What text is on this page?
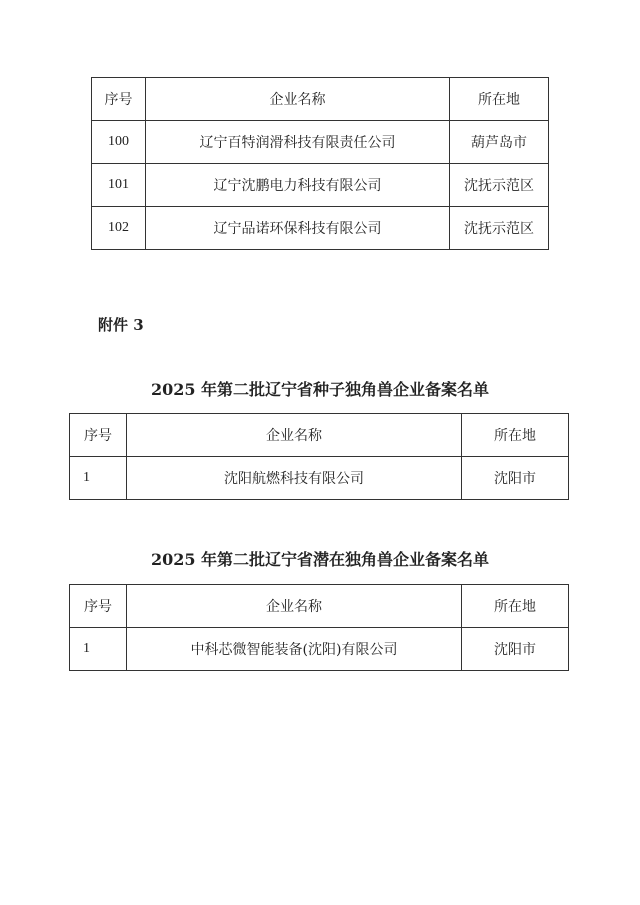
序号	企业名称	所在地
100	辽宁百特润滑科技有限责任公司	葫芦岛市
101	辽宁沈鹏电力科技有限公司	沈抚示范区
102	辽宁品诺环保科技有限公司	沈抚示范区
附件 3
2025 年第二批辽宁省种子独角兽企业备案名单
序号	企业名称	所在地
1	沈阳航燃科技有限公司	沈阳市
2025 年第二批辽宁省潜在独角兽企业备案名单
序号	企业名称	所在地
1	中科芯微智能装备(沈阳)有限公司	沈阳市
